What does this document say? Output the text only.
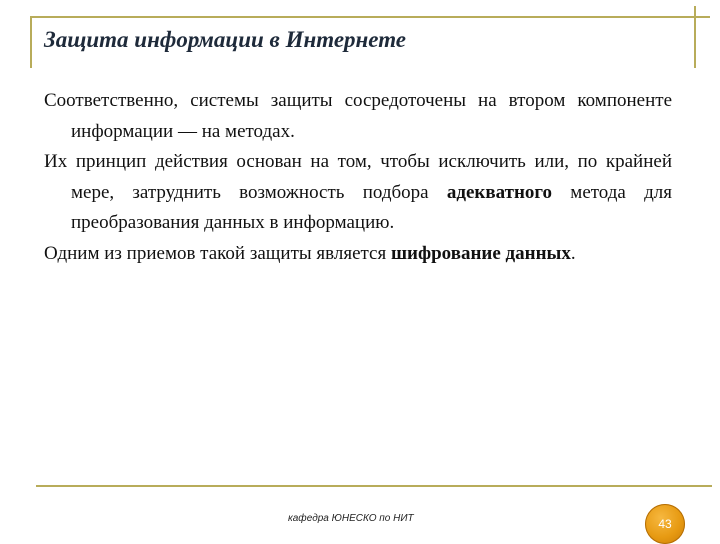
Защита информации в Интернете

Соответственно, системы защиты сосредоточены на втором компоненте информации — на методах.

Их принцип действия основан на том, чтобы исключить или, по крайней мере, затруднить возможность подбора адекватного метода для преобразования данных в информацию.

Одним из приемов такой защиты является шифрование данных.

кафедра ЮНЕСКО по НИТ	43
